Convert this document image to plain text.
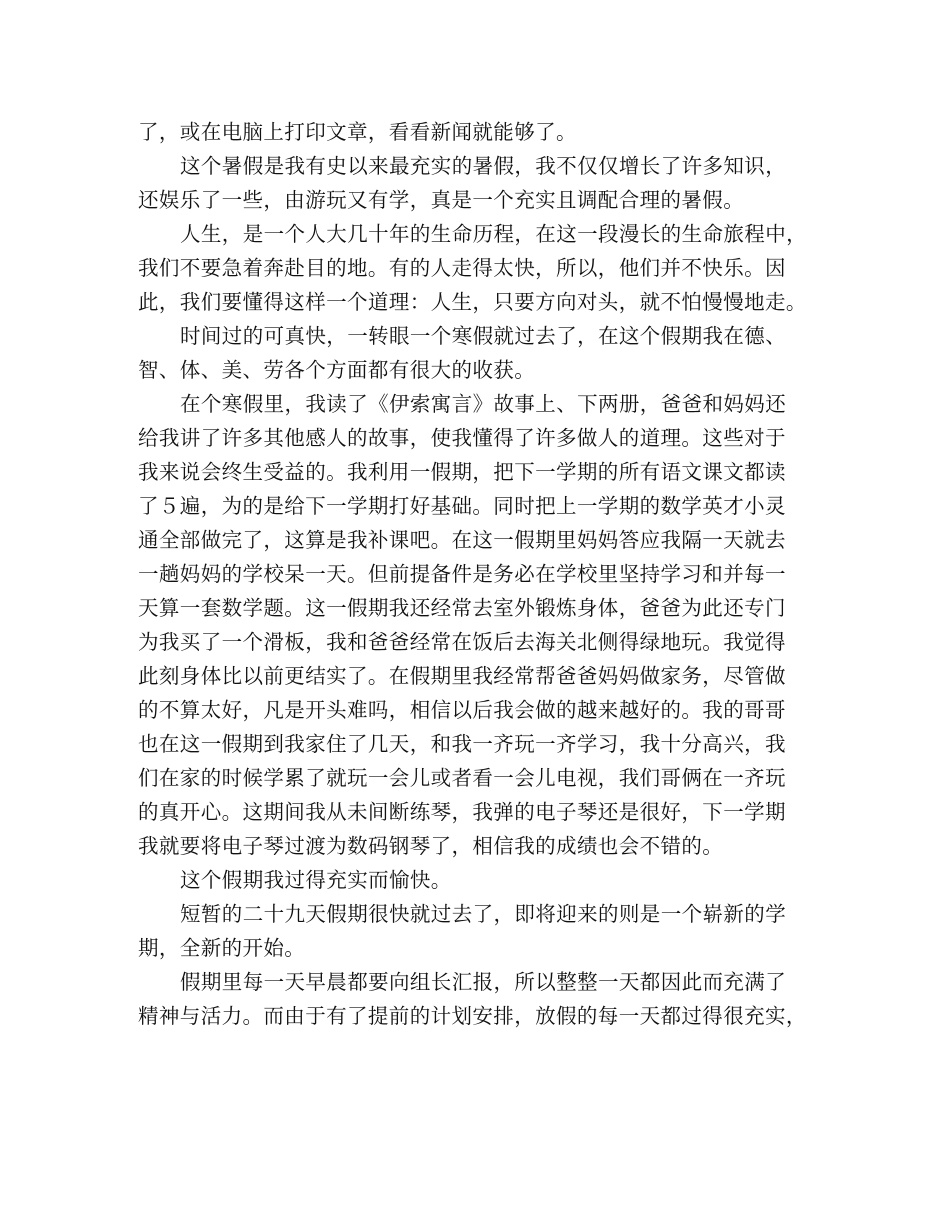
了，或在电脑上打印文章，看看新闻就能够了。
这个暑假是我有史以来最充实的暑假，我不仅仅增长了许多知识，
还娱乐了一些，由游玩又有学，真是一个充实且调配合理的暑假。
人生，是一个人大几十年的生命历程，在这一段漫长的生命旅程中，
我们不要急着奔赴目的地。有的人走得太快，所以，他们并不快乐。因
此，我们要懂得这样一个道理：人生，只要方向对头，就不怕慢慢地走。
时间过的可真快，一转眼一个寒假就过去了，在这个假期我在德、
智、体、美、劳各个方面都有很大的收获。
在个寒假里，我读了《伊索寓言》故事上、下两册，爸爸和妈妈还
给我讲了许多其他感人的故事，使我懂得了许多做人的道理。这些对于
我来说会终生受益的。我利用一假期，把下一学期的所有语文课文都读
了５遍，为的是给下一学期打好基础。同时把上一学期的数学英才小灵
通全部做完了，这算是我补课吧。在这一假期里妈妈答应我隔一天就去
一趟妈妈的学校呆一天。但前提备件是务必在学校里坚持学习和并每一
天算一套数学题。这一假期我还经常去室外锻炼身体，爸爸为此还专门
为我买了一个滑板，我和爸爸经常在饭后去海关北侧得绿地玩。我觉得
此刻身体比以前更结实了。在假期里我经常帮爸爸妈妈做家务，尽管做
的不算太好，凡是开头难吗，相信以后我会做的越来越好的。我的哥哥
也在这一假期到我家住了几天，和我一齐玩一齐学习，我十分高兴，我
们在家的时候学累了就玩一会儿或者看一会儿电视，我们哥俩在一齐玩
的真开心。这期间我从未间断练琴，我弹的电子琴还是很好，下一学期
我就要将电子琴过渡为数码钢琴了，相信我的成绩也会不错的。
这个假期我过得充实而愉快。
短暂的二十九天假期很快就过去了，即将迎来的则是一个崭新的学
期，全新的开始。
假期里每一天早晨都要向组长汇报，所以整整一天都因此而充满了
精神与活力。而由于有了提前的计划安排，放假的每一天都过得很充实，
